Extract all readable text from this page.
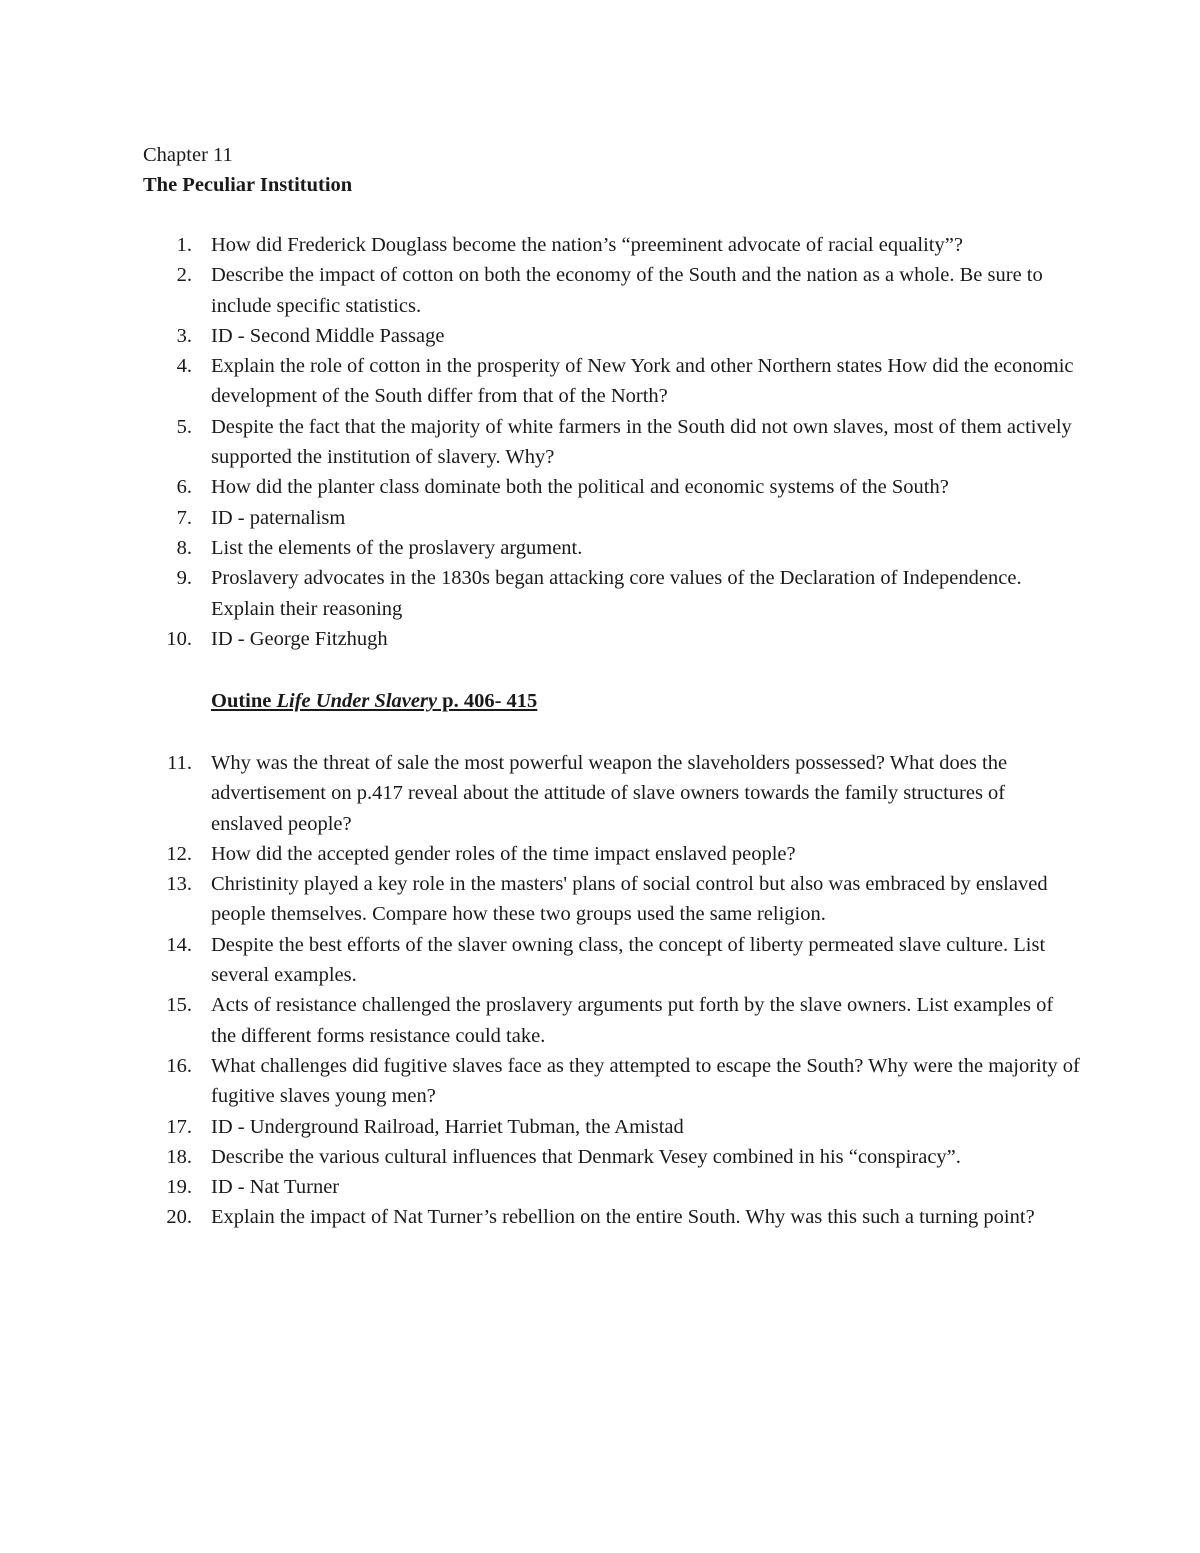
Chapter 11
The Peculiar Institution
1. How did Frederick Douglass become the nation’s “preeminent advocate of racial equality”?
2. Describe the impact of cotton on both the economy of the South and the nation as a whole. Be sure to include specific statistics.
3. ID - Second Middle Passage
4. Explain the role of cotton in the prosperity of New York and other Northern states How did the economic development of the South differ from that of the North?
5. Despite the fact that the majority of white farmers in the South did not own slaves, most of them actively supported the institution of slavery. Why?
6. How did the planter class dominate both the political and economic systems of the South?
7. ID - paternalism
8. List the elements of the proslavery argument.
9. Proslavery advocates in the 1830s began attacking core values of the Declaration of Independence. Explain their reasoning
10. ID - George Fitzhugh
Outine Life Under Slavery p. 406- 415
11. Why was the threat of sale the most powerful weapon the slaveholders possessed? What does the advertisement on p.417 reveal about the attitude of slave owners towards the family structures of enslaved people?
12. How did the accepted gender roles of the time impact enslaved people?
13. Christinity played a key role in the masters' plans of social control but also was embraced by enslaved people themselves. Compare how these two groups used the same religion.
14. Despite the best efforts of the slaver owning class, the concept of liberty permeated slave culture. List several examples.
15. Acts of resistance challenged the proslavery arguments put forth by the slave owners. List examples of the different forms resistance could take.
16. What challenges did fugitive slaves face as they attempted to escape the South? Why were the majority of fugitive slaves young men?
17. ID - Underground Railroad, Harriet Tubman, the Amistad
18. Describe the various cultural influences that Denmark Vesey combined in his “conspiracy”.
19. ID - Nat Turner
20. Explain the impact of Nat Turner’s rebellion on the entire South. Why was this such a turning point?
